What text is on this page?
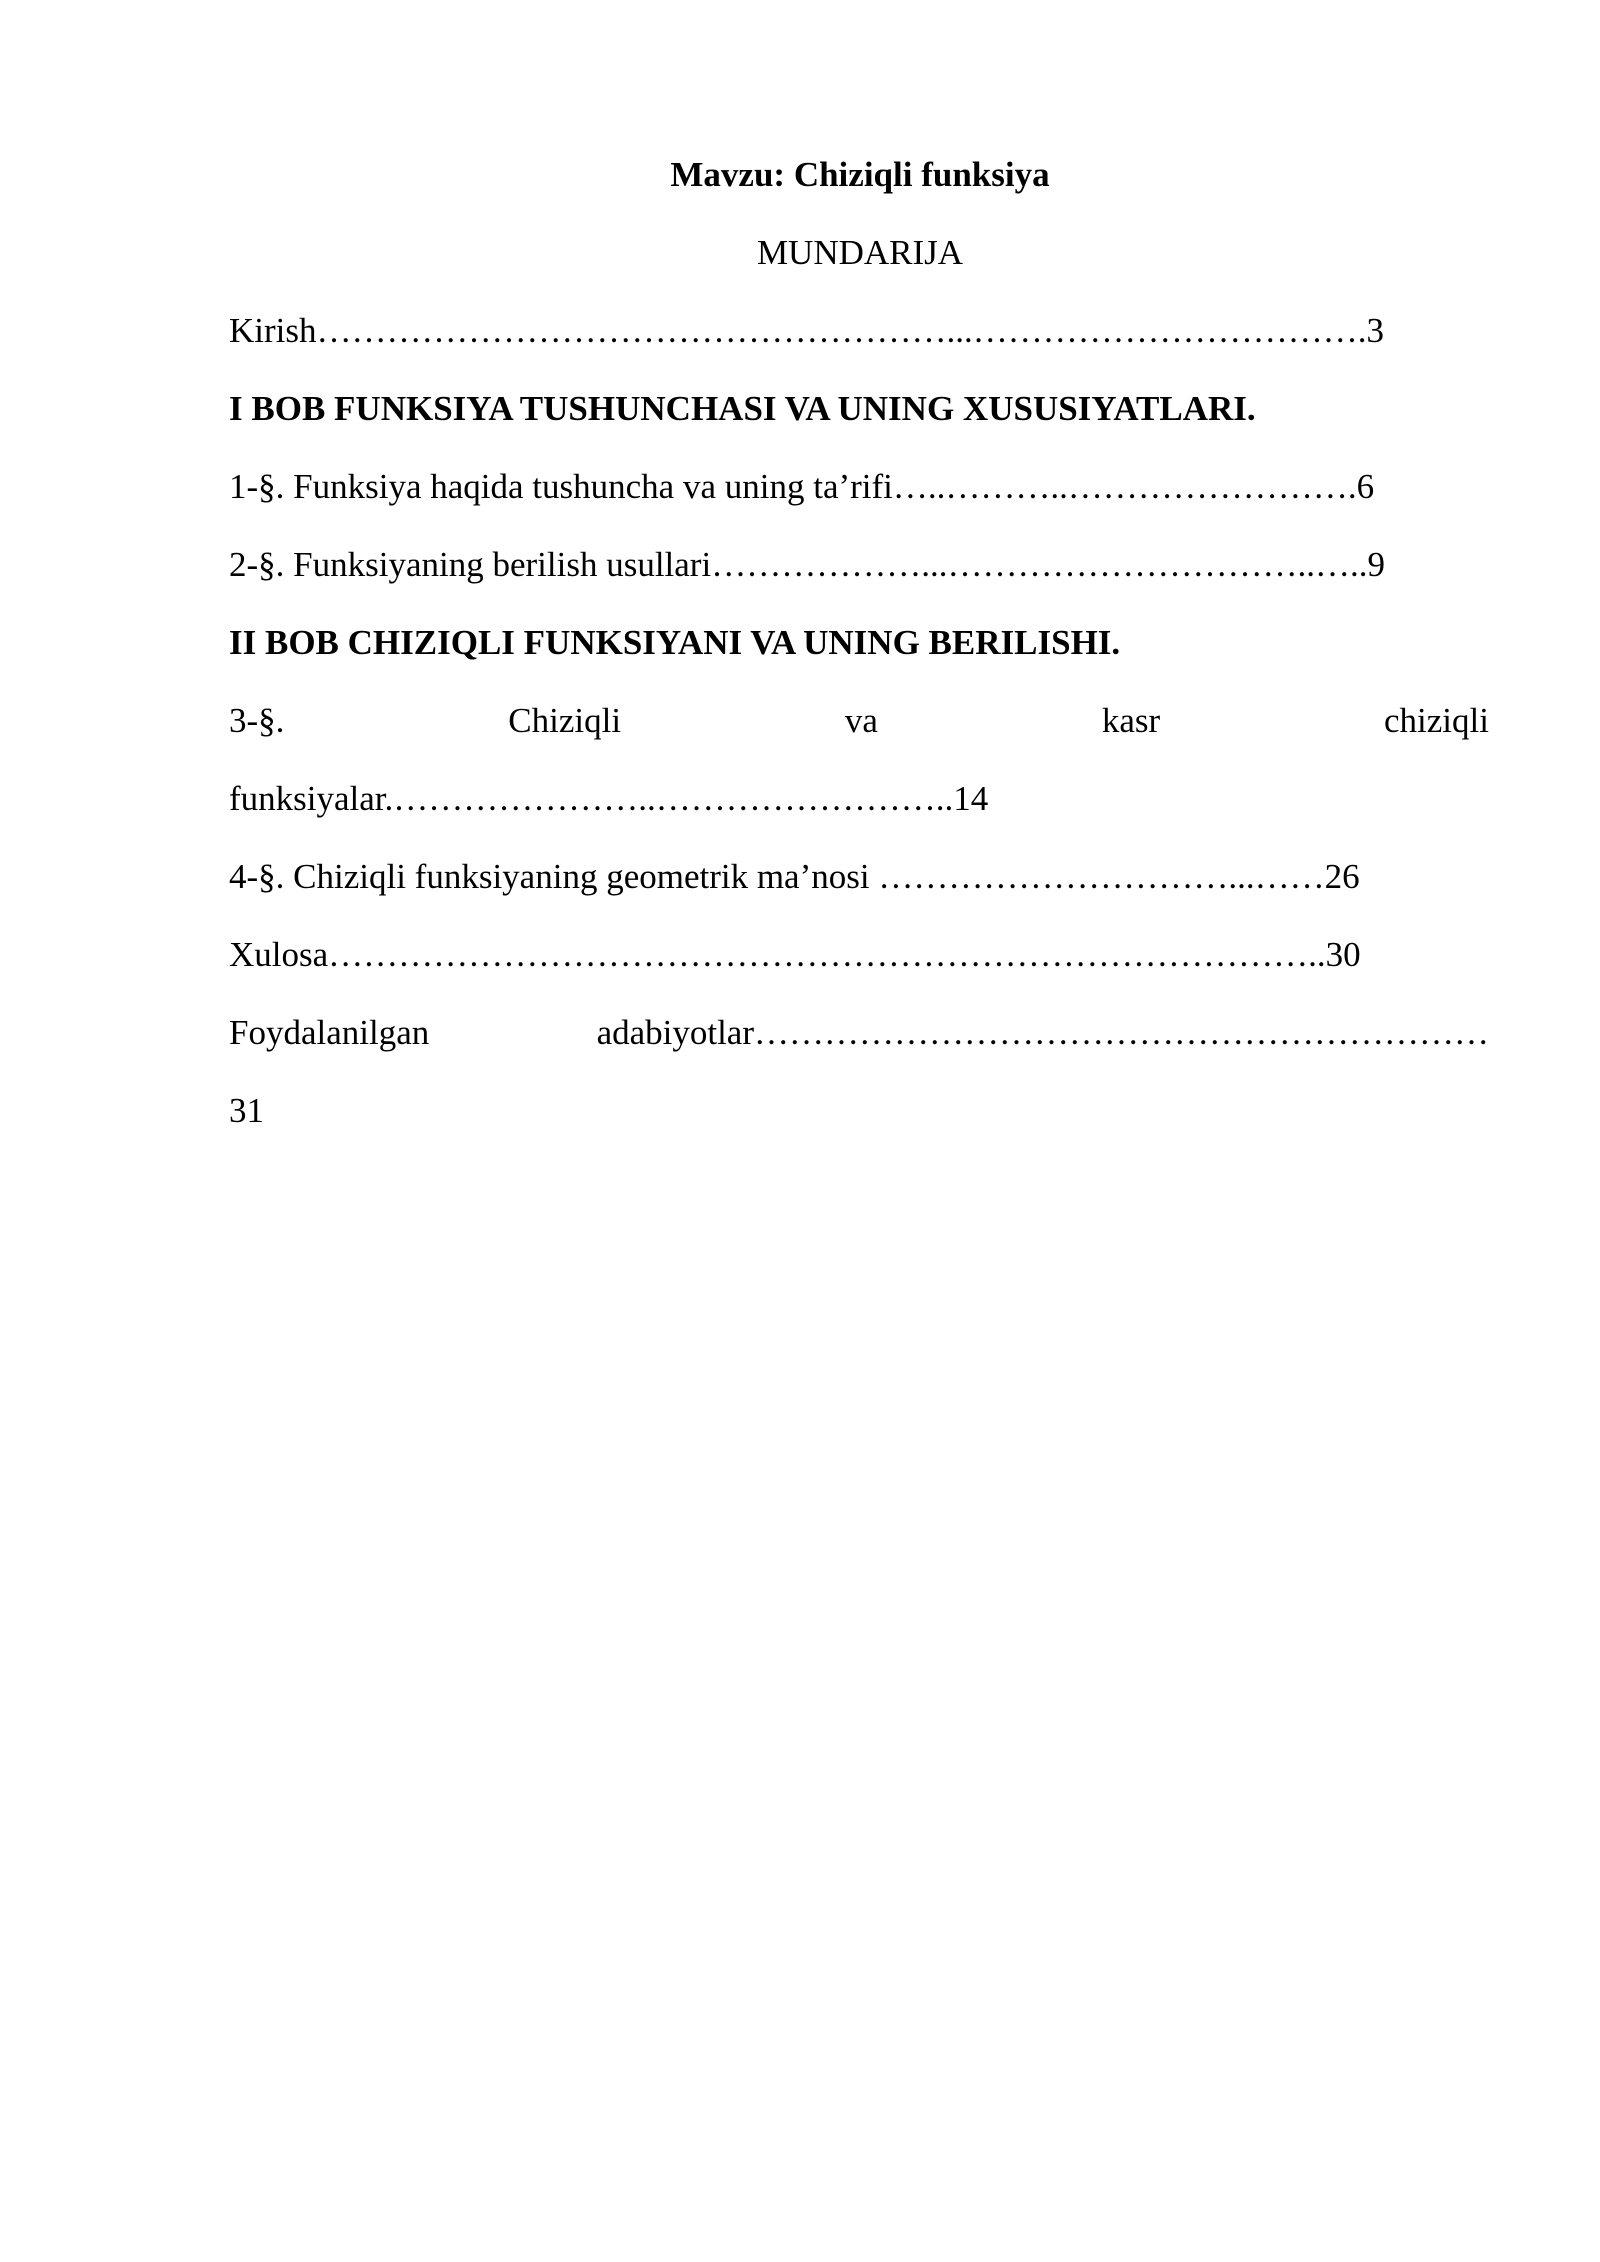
Mavzu: Chiziqli funksiya
MUNDARIJA
Kirish………………………………………………...…………………………….3
I BOB FUNKSIYA TUSHUNCHASI VA UNING XUSUSIYATLARI.
1-§. Funksiya haqida tushuncha va uning ta’rifi…..………..…………………….6
2-§. Funksiyaning berilish usullari………………...…………………………..…..9
II BOB CHIZIQLI FUNKSIYANI VA UNING BERILISHI.
3-§.	Chiziqli	va	kasr	chiziqli
funksiyalar.…………………..……………………..14
4-§. Chiziqli funksiyaning geometrik ma’nosi …………………………...……26
Xulosa…………………………………………………………………………..30
Foydalanilgan	adabiyotlar………………………………………………………
31
